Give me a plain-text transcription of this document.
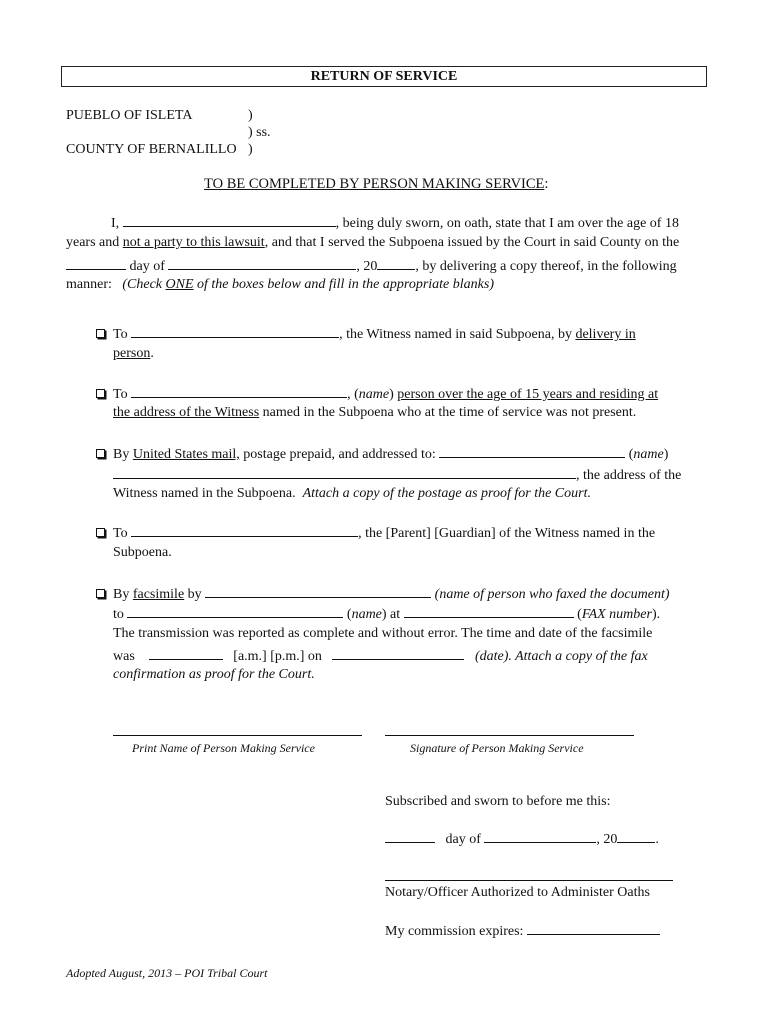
RETURN OF SERVICE
PUEBLO OF ISLETA	)
) ss.
COUNTY OF BERNALILLO )
TO BE COMPLETED BY PERSON MAKING SERVICE:
I,	, being duly sworn, on oath, state that I am over the age of 18
years and not a party to this lawsuit, and that I served the Subpoena issued by the Court in said County on the
day of	, 20	, by delivering a copy thereof, in the following
manner: (Check ONE of the boxes below and fill in the appropriate blanks)
To	, the Witness named in said Subpoena, by delivery in
person.
To	, (name) person over the age of 15 years and residing at
the address of the Witness named in the Subpoena who at the time of service was not present.
By United States mail, postage prepaid, and addressed to:	(name)
, the address of the
Witness named in the Subpoena. Attach a copy of the postage as proof for the Court.
To	, the [Parent] [Guardian] of the Witness named in the
Subpoena.
By facsimile by	(name of person who faxed the document)
to	(name) at	(FAX number).
The transmission was reported as complete and without error. The time and date of the facsimile
was	[a.m.] [p.m.] on	(date). Attach a copy of the fax
confirmation as proof for the Court.
Print Name of Person Making Service	Signature of Person Making Service
Subscribed and sworn to before me this:
day of	, 20	.
Notary/Officer Authorized to Administer Oaths
My commission expires:
Adopted August, 2013 – POI Tribal Court
